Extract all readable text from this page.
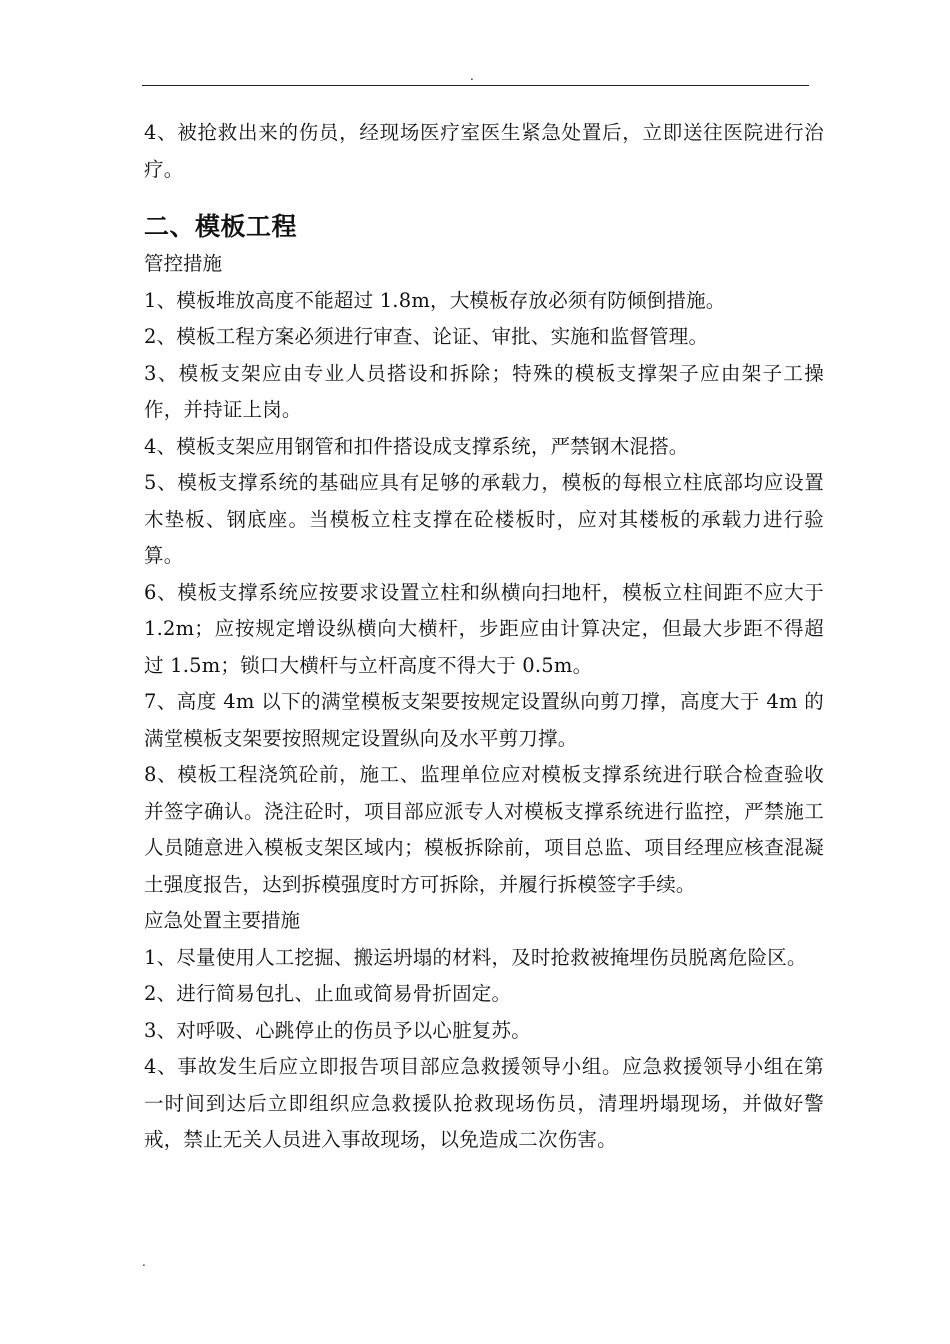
.

4、被抢救出来的伤员，经现场医疗室医生紧急处置后，立即送往医院进行治疗。

二、模板工程

管控措施

1、模板堆放高度不能超过 1.8m，大模板存放必须有防倾倒措施。

2、模板工程方案必须进行审查、论证、审批、实施和监督管理。

3、模板支架应由专业人员搭设和拆除；特殊的模板支撑架子应由架子工操作，并持证上岗。

4、模板支架应用钢管和扣件搭设成支撑系统，严禁钢木混搭。

5、模板支撑系统的基础应具有足够的承载力，模板的每根立柱底部均应设置木垫板、钢底座。当模板立柱支撑在砼楼板时，应对其楼板的承载力进行验算。

6、模板支撑系统应按要求设置立柱和纵横向扫地杆，模板立柱间距不应大于 1.2m；应按规定增设纵横向大横杆，步距应由计算决定，但最大步距不得超过 1.5m；锁口大横杆与立杆高度不得大于 0.5m。

7、高度 4m 以下的满堂模板支架要按规定设置纵向剪刀撑，高度大于 4m 的满堂模板支架要按照规定设置纵向及水平剪刀撑。

8、模板工程浇筑砼前，施工、监理单位应对模板支撑系统进行联合检查验收并签字确认。浇注砼时，项目部应派专人对模板支撑系统进行监控，严禁施工人员随意进入模板支架区域内；模板拆除前，项目总监、项目经理应核查混凝土强度报告，达到拆模强度时方可拆除，并履行拆模签字手续。

应急处置主要措施

1、尽量使用人工挖掘、搬运坍塌的材料，及时抢救被掩埋伤员脱离危险区。

2、进行简易包扎、止血或简易骨折固定。

3、对呼吸、心跳停止的伤员予以心脏复苏。

4、事故发生后应立即报告项目部应急救援领导小组。应急救援领导小组在第一时间到达后立即组织应急救援队抢救现场伤员，清理坍塌现场，并做好警戒，禁止无关人员进入事故现场，以免造成二次伤害。

.
